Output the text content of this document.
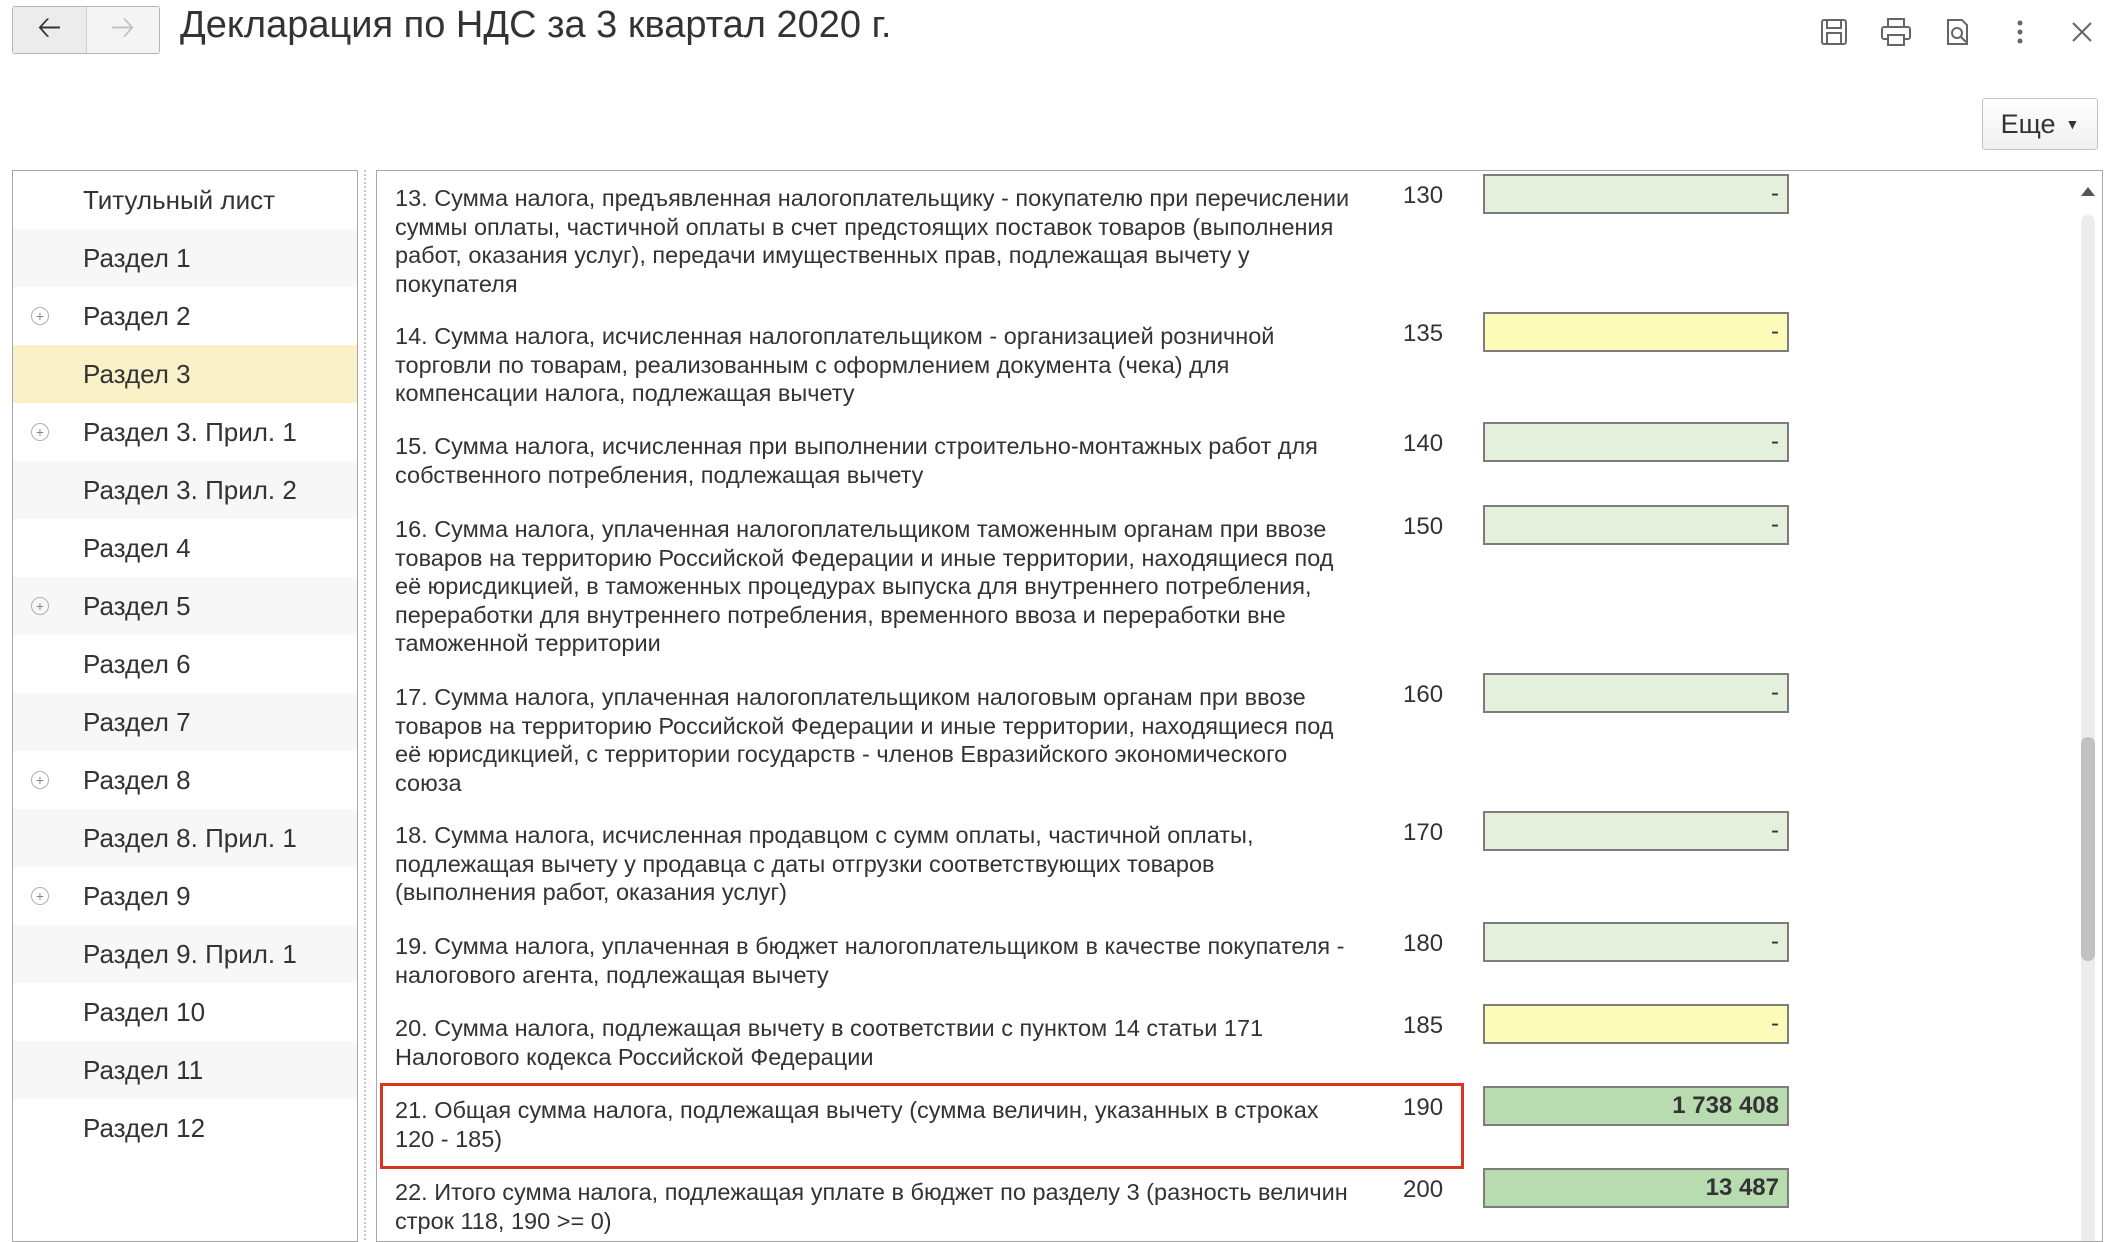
🡠 🡢 Декларация по НДС за 3 квартал 2020 г.
Еще ▼
Титульный лист
Раздел 1
+ Раздел 2
Раздел 3
+ Раздел 3. Прил. 1
Раздел 3. Прил. 2
Раздел 4
+ Раздел 5
Раздел 6
Раздел 7
+ Раздел 8
Раздел 8. Прил. 1
+ Раздел 9
Раздел 9. Прил. 1
Раздел 10
Раздел 11
Раздел 12
13. Сумма налога, предъявленная налогоплательщику - покупателю при перечислении суммы оплаты, частичной оплаты в счет предстоящих поставок товаров (выполнения работ, оказания услуг), передачи имущественных прав, подлежащая вычету у покупателя
130	-
14. Сумма налога, исчисленная налогоплательщиком - организацией розничной торговли по товарам, реализованным с оформлением документа (чека) для компенсации налога, подлежащая вычету
135	-
15. Сумма налога, исчисленная при выполнении строительно-монтажных работ для собственного потребления, подлежащая вычету
140	-
16. Сумма налога, уплаченная налогоплательщиком таможенным органам при ввозе товаров на территорию Российской Федерации и иные территории, находящиеся под её юрисдикцией, в таможенных процедурах выпуска для внутреннего потребления, переработки для внутреннего потребления, временного ввоза и переработки вне таможенной территории
150	-
17. Сумма налога, уплаченная налогоплательщиком налоговым органам при ввозе товаров на территорию Российской Федерации и иные территории, находящиеся под её юрисдикцией, с территории государств - членов Евразийского экономического союза
160	-
18. Сумма налога, исчисленная продавцом с сумм оплаты, частичной оплаты, подлежащая вычету у продавца с даты отгрузки соответствующих товаров (выполнения работ, оказания услуг)
170	-
19. Сумма налога, уплаченная в бюджет налогоплательщиком в качестве покупателя - налогового агента, подлежащая вычету
180	-
20. Сумма налога, подлежащая вычету в соответствии с пунктом 14 статьи 171 Налогового кодекса Российской Федерации
185	-
21. Общая сумма налога, подлежащая вычету (сумма величин, указанных в строках 120 - 185)
190	1 738 408
22. Итого сумма налога, подлежащая уплате в бюджет по разделу 3 (разность величин строк 118, 190 >= 0)
200	13 487
